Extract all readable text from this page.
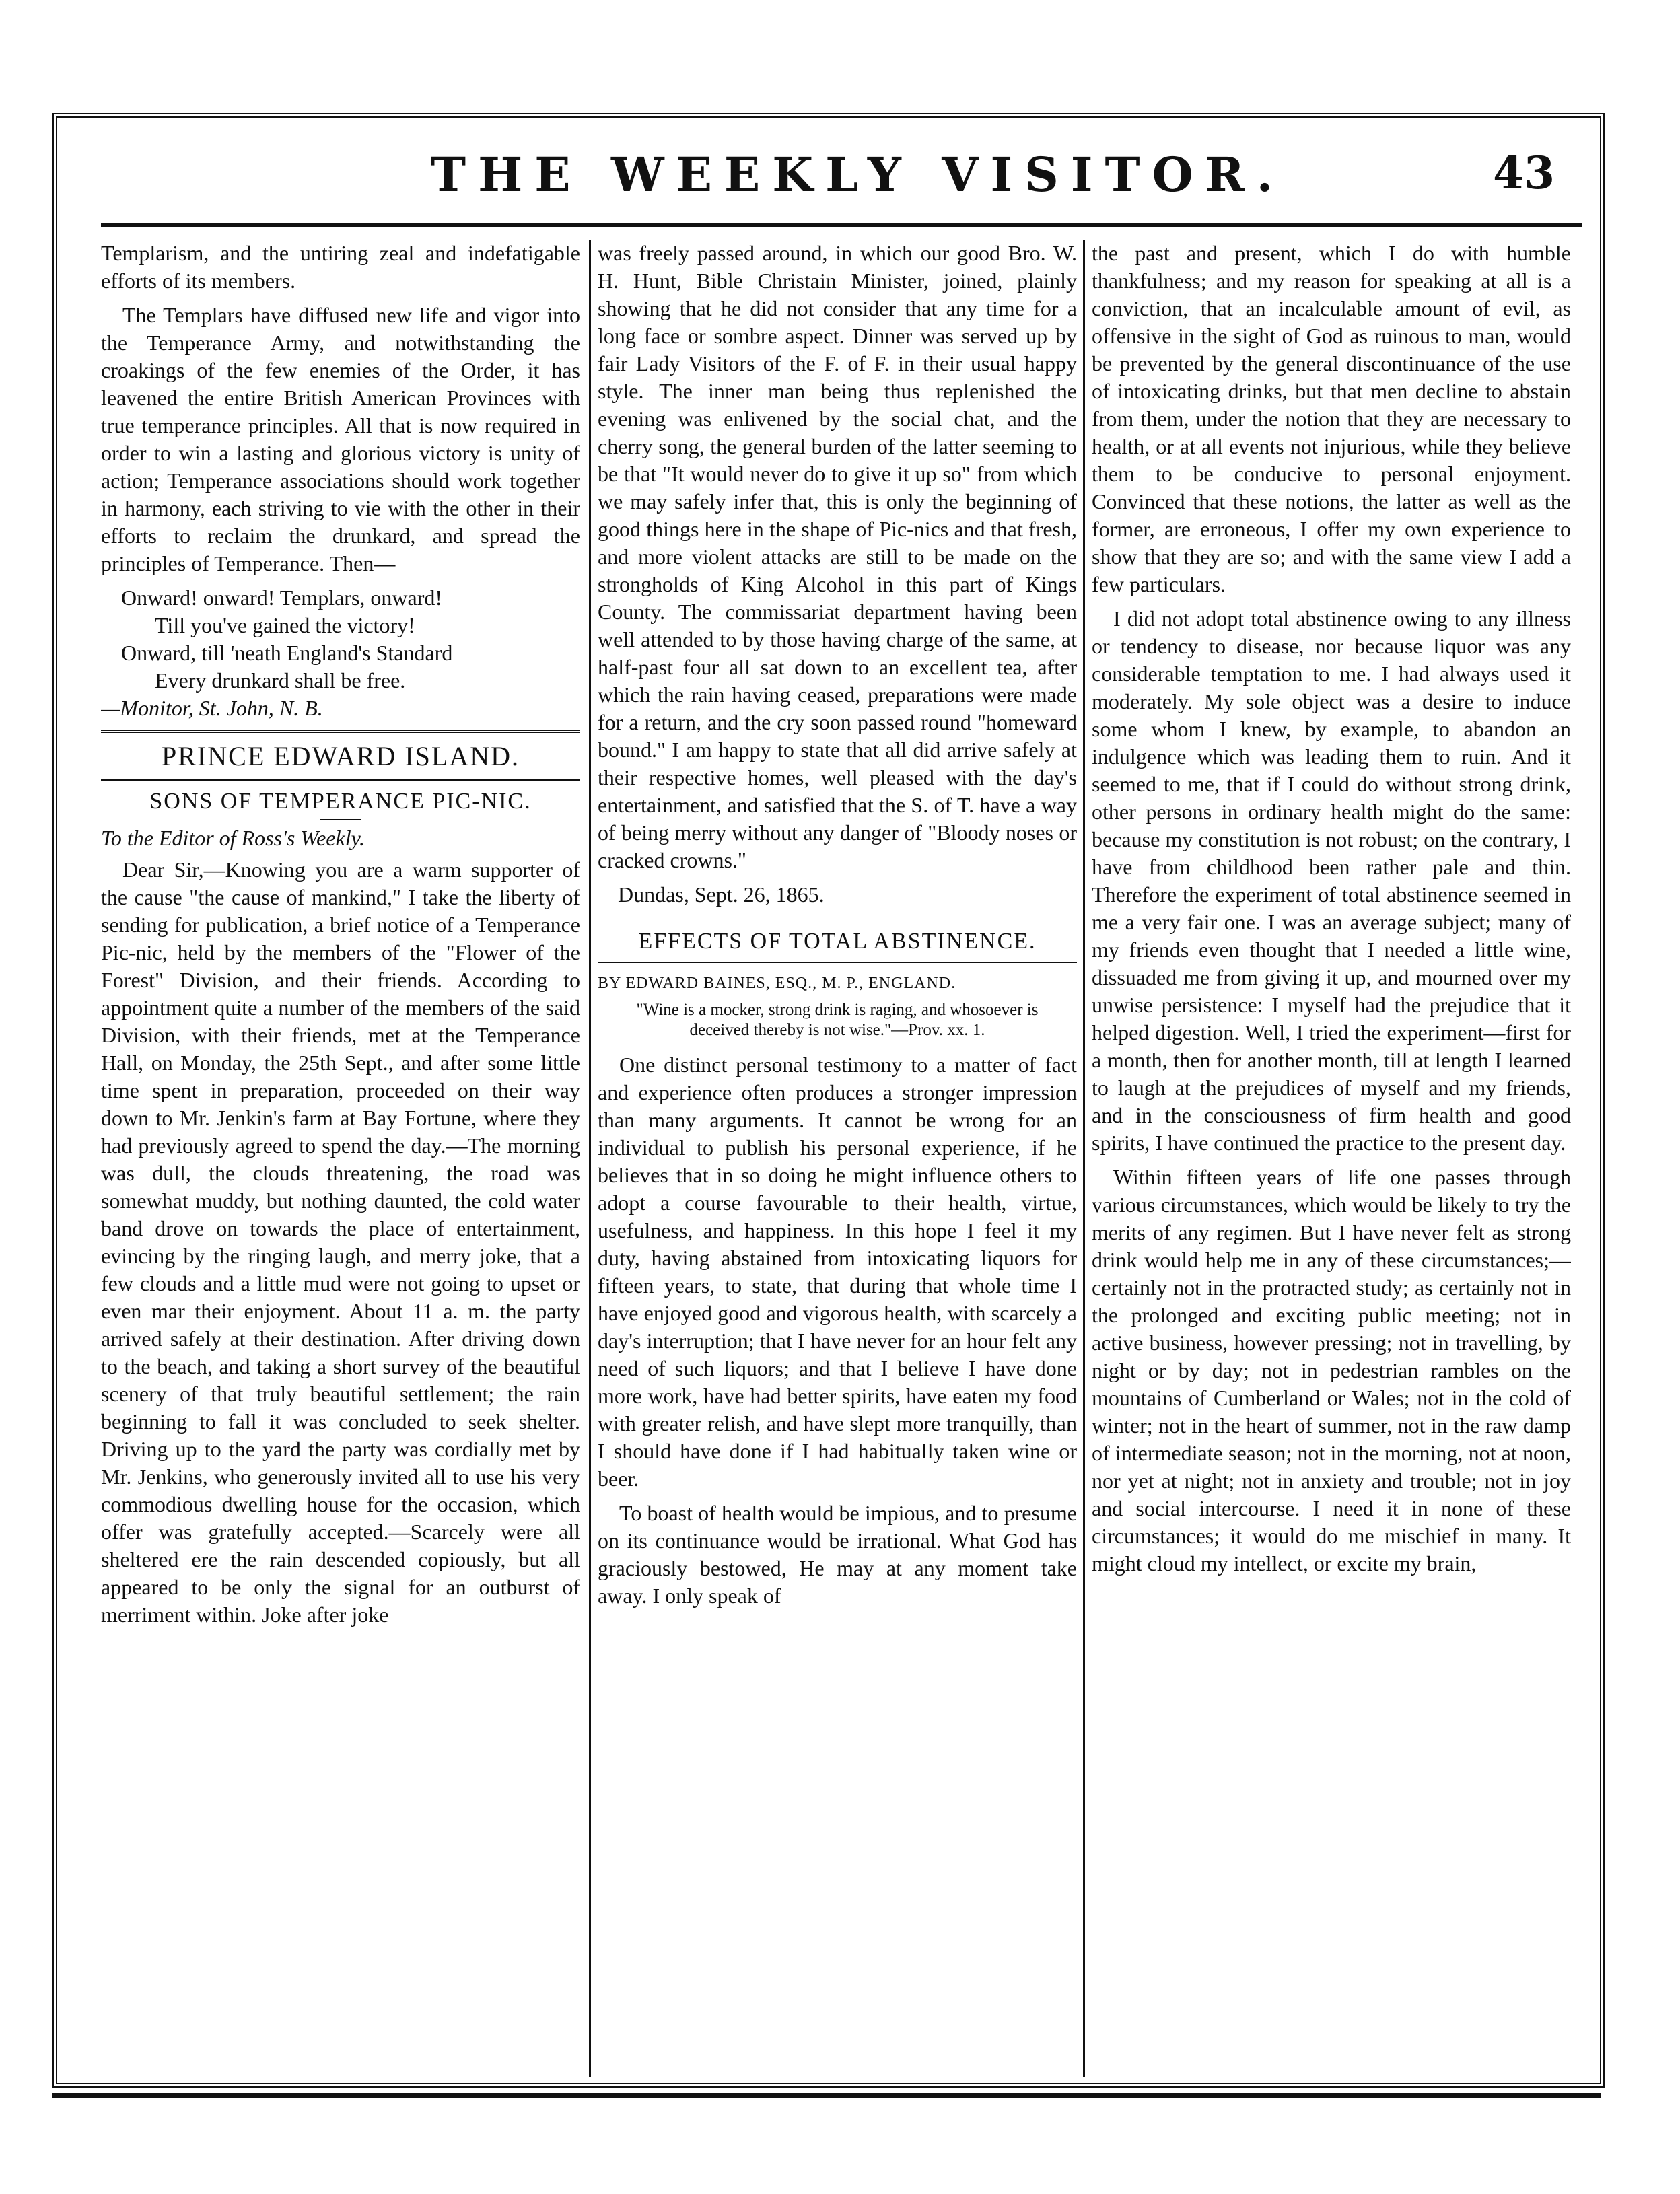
THE WEEKLY VISITOR.	43

Templarism, and the untiring zeal and indefatigable efforts of its members.

The Templars have diffused new life and vigor into the Temperance Army, and notwithstanding the croakings of the few enemies of the Order, it has leavened the entire British American Provinces with true temperance principles. All that is now required in order to win a lasting and glorious victory is unity of action; Temperance associations should work together in harmony, each striving to vie with the other in their efforts to reclaim the drunkard, and spread the principles of Temperance. Then—

Onward! onward! Templars, onward!
Till you've gained the victory!
Onward, till 'neath England's Standard
Every drunkard shall be free.
—Monitor, St. John, N. B.
PRINCE EDWARD ISLAND.
SONS OF TEMPERANCE PIC-NIC.
To the Editor of Ross's Weekly.

Dear Sir,—Knowing you are a warm supporter of the cause "the cause of mankind," I take the liberty of sending for publication, a brief notice of a Temperance Pic-nic, held by the members of the "Flower of the Forest" Division, and their friends. According to appointment quite a number of the members of the said Division, with their friends, met at the Temperance Hall, on Monday, the 25th Sept., and after some little time spent in preparation, proceeded on their way down to Mr. Jenkin's farm at Bay Fortune, where they had previously agreed to spend the day.—The morning was dull, the clouds threatening, the road was somewhat muddy, but nothing daunted, the cold water band drove on towards the place of entertainment, evincing by the ringing laugh, and merry joke, that a few clouds and a little mud were not going to upset or even mar their enjoyment. About 11 a. m. the party arrived safely at their destination. After driving down to the beach, and taking a short survey of the beautiful scenery of that truly beautiful settlement; the rain beginning to fall it was concluded to seek shelter. Driving up to the yard the party was cordially met by Mr. Jenkins, who generously invited all to use his very commodious dwelling house for the occasion, which offer was gratefully accepted.—Scarcely were all sheltered ere the rain descended copiously, but all appeared to be only the signal for an outburst of merriment within. Joke after joke

was freely passed around, in which our good Bro. W. H. Hunt, Bible Christain Minister, joined, plainly showing that he did not consider that any time for a long face or sombre aspect. Dinner was served up by fair Lady Visitors of the F. of F. in their usual happy style. The inner man being thus replenished the evening was enlivened by the social chat, and the cherry song, the general burden of the latter seeming to be that "It would never do to give it up so" from which we may safely infer that, this is only the beginning of good things here in the shape of Pic-nics and that fresh, and more violent attacks are still to be made on the strongholds of King Alcohol in this part of Kings County. The commissariat department having been well attended to by those having charge of the same, at half-past four all sat down to an excellent tea, after which the rain having ceased, preparations were made for a return, and the cry soon passed round "homeward bound." I am happy to state that all did arrive safely at their respective homes, well pleased with the day's entertainment, and satisfied that the S. of T. have a way of being merry without any danger of "Bloody noses or cracked crowns."

Dundas, Sept. 26, 1865.
EFFECTS OF TOTAL ABSTINENCE.
BY EDWARD BAINES, ESQ., M. P., ENGLAND.
"Wine is a mocker, strong drink is raging, and whosoever is deceived thereby is not wise."—Prov. xx. 1.

One distinct personal testimony to a matter of fact and experience often produces a stronger impression than many arguments. It cannot be wrong for an individual to publish his personal experience, if he believes that in so doing he might influence others to adopt a course favourable to their health, virtue, usefulness, and happiness. In this hope I feel it my duty, having abstained from intoxicating liquors for fifteen years, to state, that during that whole time I have enjoyed good and vigorous health, with scarcely a day's interruption; that I have never for an hour felt any need of such liquors; and that I believe I have done more work, have had better spirits, have eaten my food with greater relish, and have slept more tranquilly, than I should have done if I had habitually taken wine or beer.

To boast of health would be impious, and to presume on its continuance would be irrational. What God has graciously bestowed, He may at any moment take away. I only speak of

the past and present, which I do with humble thankfulness; and my reason for speaking at all is a conviction, that an incalculable amount of evil, as offensive in the sight of God as ruinous to man, would be prevented by the general discontinuance of the use of intoxicating drinks, but that men decline to abstain from them, under the notion that they are necessary to health, or at all events not injurious, while they believe them to be conducive to personal enjoyment. Convinced that these notions, the latter as well as the former, are erroneous, I offer my own experience to show that they are so; and with the same view I add a few particulars.

I did not adopt total abstinence owing to any illness or tendency to disease, nor because liquor was any considerable temptation to me. I had always used it moderately. My sole object was a desire to induce some whom I knew, by example, to abandon an indulgence which was leading them to ruin. And it seemed to me, that if I could do without strong drink, other persons in ordinary health might do the same: because my constitution is not robust; on the contrary, I have from childhood been rather pale and thin. Therefore the experiment of total abstinence seemed in me a very fair one. I was an average subject; many of my friends even thought that I needed a little wine, dissuaded me from giving it up, and mourned over my unwise persistence: I myself had the prejudice that it helped digestion. Well, I tried the experiment—first for a month, then for another month, till at length I learned to laugh at the prejudices of myself and my friends, and in the consciousness of firm health and good spirits, I have continued the practice to the present day.

Within fifteen years of life one passes through various circumstances, which would be likely to try the merits of any regimen. But I have never felt as strong drink would help me in any of these circumstances;—certainly not in the protracted study; as certainly not in the prolonged and exciting public meeting; not in active business, however pressing; not in travelling, by night or by day; not in pedestrian rambles on the mountains of Cumberland or Wales; not in the cold of winter; not in the heart of summer, not in the raw damp of intermediate season; not in the morning, not at noon, nor yet at night; not in anxiety and trouble; not in joy and social intercourse. I need it in none of these circumstances; it would do me mischief in many. It might cloud my intellect, or excite my brain,
